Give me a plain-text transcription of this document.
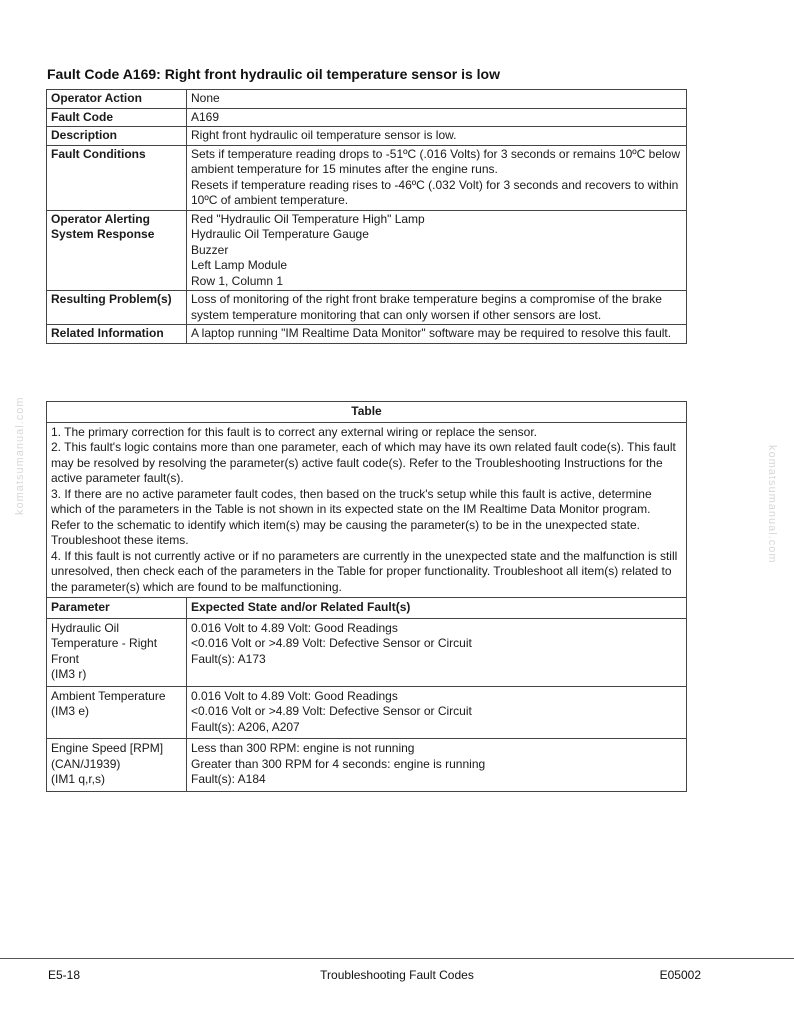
Fault Code A169: Right front hydraulic oil temperature sensor is low
Operator Action	None
Fault Code	A169
Description	Right front hydraulic oil temperature sensor is low.
Fault Conditions	Sets if temperature reading drops to -51ºC (.016 Volts) for 3 seconds or remains 10ºC below ambient temperature for 15 minutes after the engine runs.
Resets if temperature reading rises to -46ºC (.032 Volt) for 3 seconds and recovers to within 10ºC of ambient temperature.
Operator Alerting System Response	Red "Hydraulic Oil Temperature High" Lamp
Hydraulic Oil Temperature Gauge
Buzzer
Left Lamp Module
Row 1, Column 1
Resulting Problem(s)	Loss of monitoring of the right front brake temperature begins a compromise of the brake system temperature monitoring that can only worsen if other sensors are lost.
Related Information	A laptop running "IM Realtime Data Monitor" software may be required to resolve this fault.
Table	
1. The primary correction for this fault is to correct any external wiring or replace the sensor.
2. This fault's logic contains more than one parameter, each of which may have its own related fault code(s). This fault may be resolved by resolving the parameter(s) active fault code(s). Refer to the Troubleshooting Instructions for the active parameter fault(s).
3. If there are no active parameter fault codes, then based on the truck's setup while this fault is active, determine which of the parameters in the Table is not shown in its expected state on the IM Realtime Data Monitor program. Refer to the schematic to identify which item(s) may be causing the parameter(s) to be in the unexpected state. Troubleshoot these items.
4. If this fault is not currently active or if no parameters are currently in the unexpected state and the malfunction is still unresolved, then check each of the parameters in the Table for proper functionality. Troubleshoot all item(s) related to the parameter(s) which are found to be malfunctioning.	
Parameter	Expected State and/or Related Fault(s)
Hydraulic Oil Temperature - Right Front
(IM3 r)	0.016 Volt to 4.89 Volt: Good Readings
<0.016 Volt or >4.89 Volt: Defective Sensor or Circuit
Fault(s): A173
Ambient Temperature
(IM3 e)	0.016 Volt to 4.89 Volt: Good Readings
<0.016 Volt or >4.89 Volt: Defective Sensor or Circuit
Fault(s): A206, A207
Engine Speed [RPM]
(CAN/J1939)
(IM1 q,r,s)	Less than 300 RPM: engine is not running
Greater than 300 RPM for 4 seconds: engine is running
Fault(s): A184
komatsumanual.com	komatsumanual.com
E5-18	Troubleshooting Fault Codes	E05002
